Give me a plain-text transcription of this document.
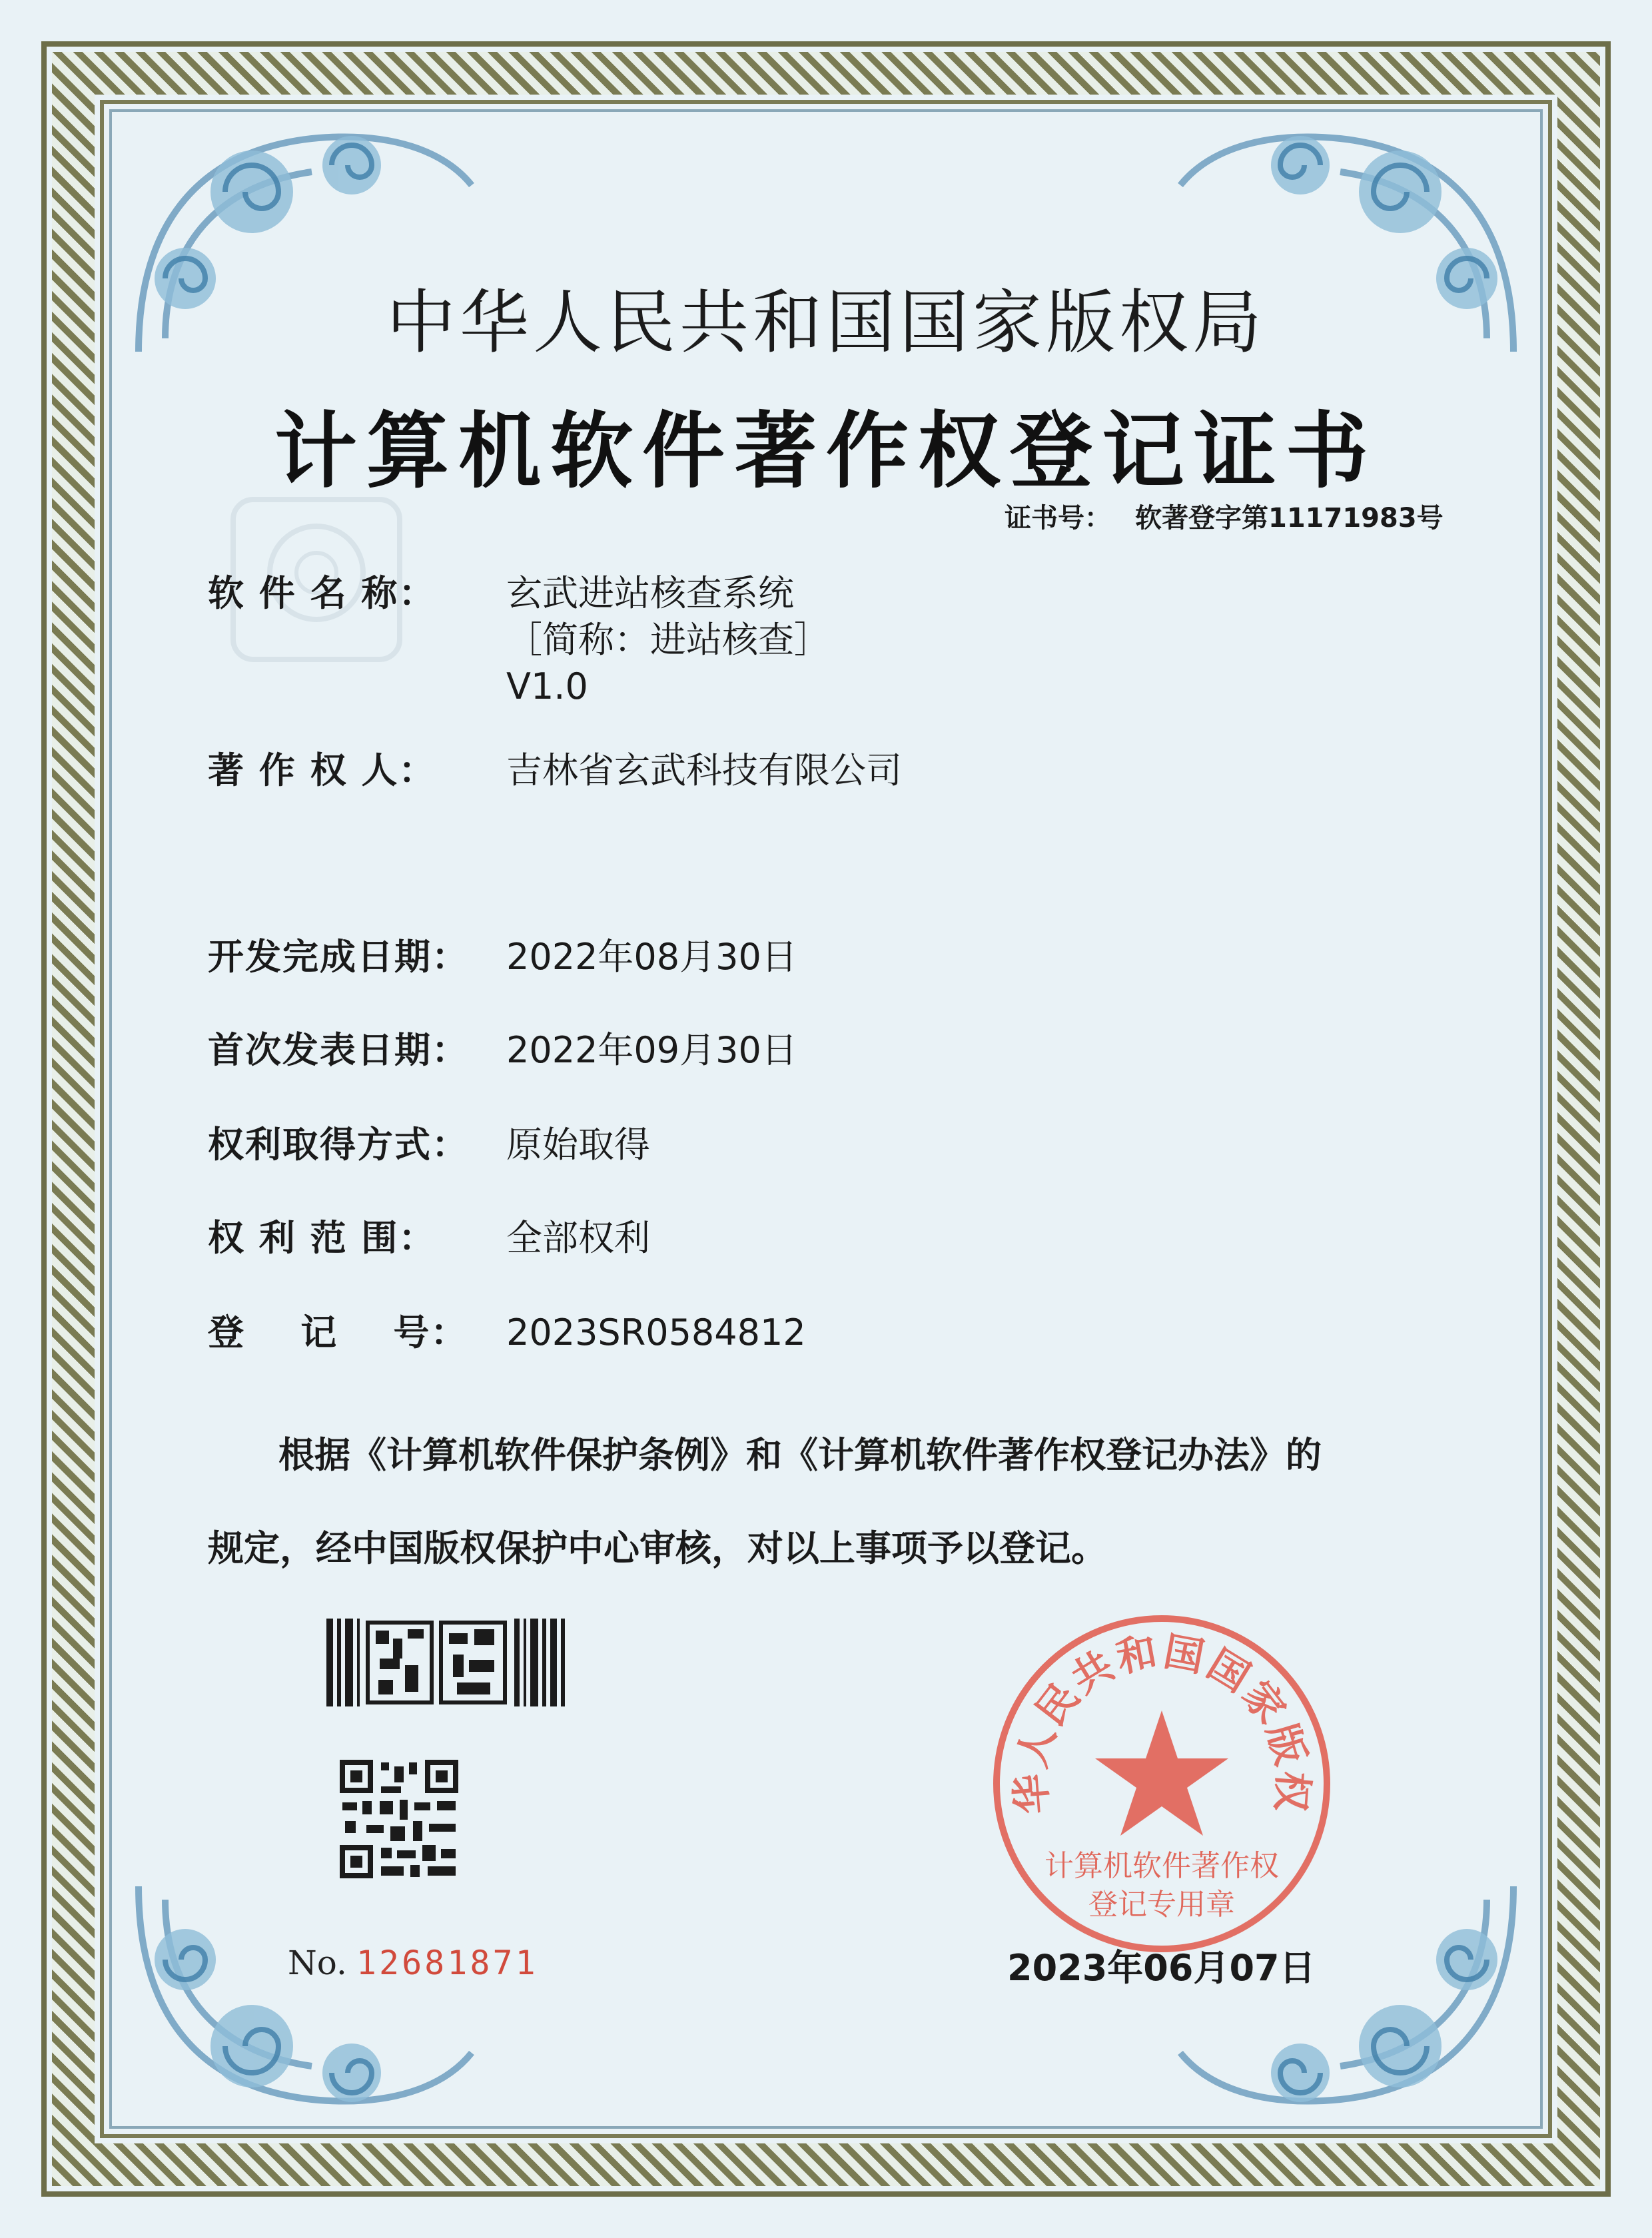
中华人民共和国国家版权局
计算机软件著作权登记证书
证书号： 软著登字第11171983号
软 件 名 称：	玄武进站核查系统
［简称：进站核查］
V1.0
著 作 权 人：	吉林省玄武科技有限公司
开发完成日期：	2022年08月30日
首次发表日期：	2022年09月30日
权利取得方式：	原始取得
权 利 范 围：	全部权利
登    记    号：	2023SR0584812
根据《计算机软件保护条例》和《计算机软件著作权登记办法》的
规定，经中国版权保护中心审核，对以上事项予以登记。
No. 12681871
华人民共和国国家版权
计算机软件著作权
登记专用章
2023年06月07日
